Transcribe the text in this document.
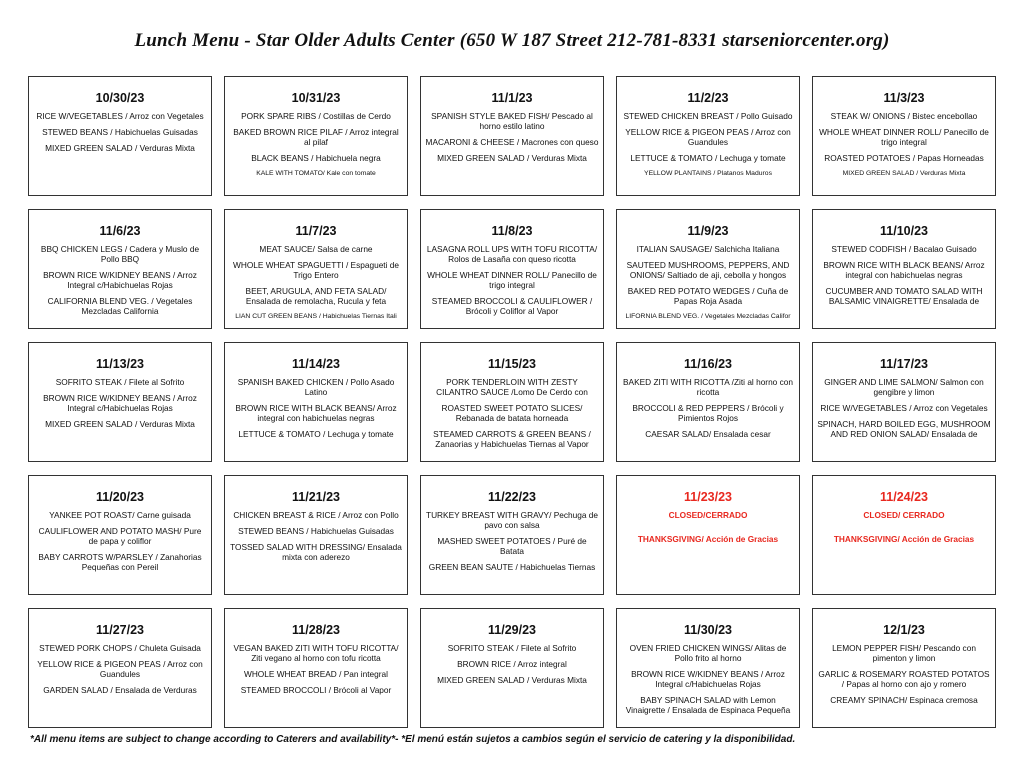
Lunch Menu - Star Older Adults Center (650 W 187 Street 212-781-8331 starseniorcenter.org)
10/30/23
RICE W/VEGETABLES / Arroz con Vegetales
STEWED BEANS / Habichuelas Guisadas
MIXED GREEN SALAD / Verduras Mixta
10/31/23
PORK SPARE RIBS / Costillas de Cerdo
BAKED BROWN RICE PILAF / Arroz integral al pilaf
BLACK BEANS / Habichuela negra
KALE WITH TOMATO/ Kale con tomate
11/1/23
SPANISH STYLE BAKED FISH/ Pescado al horno estilo latino
MACARONI & CHEESE / Macrones con queso
MIXED GREEN SALAD / Verduras Mixta
11/2/23
STEWED CHICKEN BREAST / Pollo Guisado
YELLOW RICE & PIGEON PEAS / Arroz con Guandules
LETTUCE & TOMATO / Lechuga y tomate
YELLOW PLANTAINS / Platanos Maduros
11/3/23
STEAK W/ ONIONS / Bistec encebollao
WHOLE WHEAT DINNER ROLL/ Panecillo de trigo integral
ROASTED POTATOES / Papas Horneadas
MIXED GREEN SALAD / Verduras Mixta
11/6/23
BBQ CHICKEN LEGS / Cadera y Muslo de Pollo BBQ
BROWN RICE W/KIDNEY BEANS / Arroz Integral c/Habichuelas Rojas
CALIFORNIA BLEND VEG. / Vegetales Mezcladas California
11/7/23
MEAT SAUCE/ Salsa de carne
WHOLE WHEAT SPAGUETTI / Espagueti de Trigo Entero
BEET, ARUGULA, AND FETA SALAD/ Ensalada de remolacha, Rucula y feta
LIAN CUT GREEN BEANS / Habichuelas Tiernas Itali
11/8/23
LASAGNA ROLL UPS WITH TOFU RICOTTA/ Rolos de Lasaña con queso ricotta
WHOLE WHEAT DINNER ROLL/ Panecillo de trigo integral
STEAMED BROCCOLI & CAULIFLOWER / Brócoli y Coliflor al Vapor
11/9/23
ITALIAN SAUSAGE/ Salchicha Italiana
SAUTEED MUSHROOMS, PEPPERS, AND ONIONS/ Saltiado de aji, cebolla y hongos
BAKED RED POTATO WEDGES / Cuña de Papas Roja Asada
LIFORNIA BLEND VEG. / Vegetales Mezcladas Califor
11/10/23
STEWED CODFISH / Bacalao Guisado
BROWN RICE WITH BLACK BEANS/ Arroz integral con habichuelas negras
CUCUMBER AND TOMATO SALAD WITH BALSAMIC VINAIGRETTE/ Ensalada de
11/13/23
SOFRITO STEAK / Filete al Sofrito
BROWN RICE W/KIDNEY BEANS / Arroz Integral c/Habichuelas Rojas
MIXED GREEN SALAD / Verduras Mixta
11/14/23
SPANISH BAKED CHICKEN / Pollo Asado Latino
BROWN RICE WITH BLACK BEANS/ Arroz integral con habichuelas negras
LETTUCE & TOMATO / Lechuga y tomate
11/15/23
PORK TENDERLOIN WITH ZESTY CILANTRO SAUCE /Lomo De Cerdo con
ROASTED SWEET POTATO SLICES/ Rebanada de batata horneada
STEAMED CARROTS & GREEN BEANS / Zanaorias y Habichuelas Tiernas al Vapor
11/16/23
BAKED ZITI WITH RICOTTA /Ziti al horno con ricotta
BROCCOLI & RED PEPPERS / Brócoli y Pimientos Rojos
CAESAR SALAD/ Ensalada cesar
11/17/23
GINGER AND LIME SALMON/ Salmon con gengibre y limon
RICE W/VEGETABLES / Arroz con Vegetales
SPINACH, HARD BOILED EGG, MUSHROOM AND RED ONION SALAD/ Ensalada de
11/20/23
YANKEE POT ROAST/ Carne guisada
CAULIFLOWER AND POTATO MASH/ Pure de papa y coliflor
BABY CARROTS W/PARSLEY / Zanahorias Pequeñas con Pereil
11/21/23
CHICKEN BREAST & RICE / Arroz con Pollo
STEWED BEANS / Habichuelas Guisadas
TOSSED SALAD WITH DRESSING/ Ensalada mixta con aderezo
11/22/23
TURKEY BREAST WITH GRAVY/ Pechuga de pavo con salsa
MASHED SWEET POTATOES / Puré de Batata
GREEN BEAN SAUTE / Habichuelas Tiernas
11/23/23
CLOSED/CERRADO
THANKSGIVING/ Acción de Gracias
11/24/23
CLOSED/ CERRADO
THANKSGIVING/ Acción de Gracias
11/27/23
STEWED PORK CHOPS / Chuleta Guisada
YELLOW RICE & PIGEON PEAS / Arroz con Guandules
GARDEN SALAD / Ensalada de Verduras
11/28/23
VEGAN BAKED ZITI WITH TOFU RICOTTA/ Ziti vegano al horno con tofu ricotta
WHOLE WHEAT BREAD / Pan integral
STEAMED BROCCOLI / Brócoli al Vapor
11/29/23
SOFRITO STEAK / Filete al Sofrito
BROWN RICE / Arroz integral
MIXED GREEN SALAD / Verduras Mixta
11/30/23
OVEN FRIED CHICKEN WINGS/ Alitas de Pollo frito al horno
BROWN RICE W/KIDNEY BEANS / Arroz Integral c/Habichuelas Rojas
BABY SPINACH SALAD with Lemon Vinaigrette / Ensalada de Espinaca Pequeña
12/1/23
LEMON PEPPER FISH/ Pescando con pimenton y limon
GARLIC & ROSEMARY ROASTED POTATOS / Papas al horno con ajo y romero
CREAMY SPINACH/ Espinaca cremosa
*All menu items are subject to change according to Caterers and availability*- *El menú están sujetos a cambios según el servicio de catering y la disponibilidad.
